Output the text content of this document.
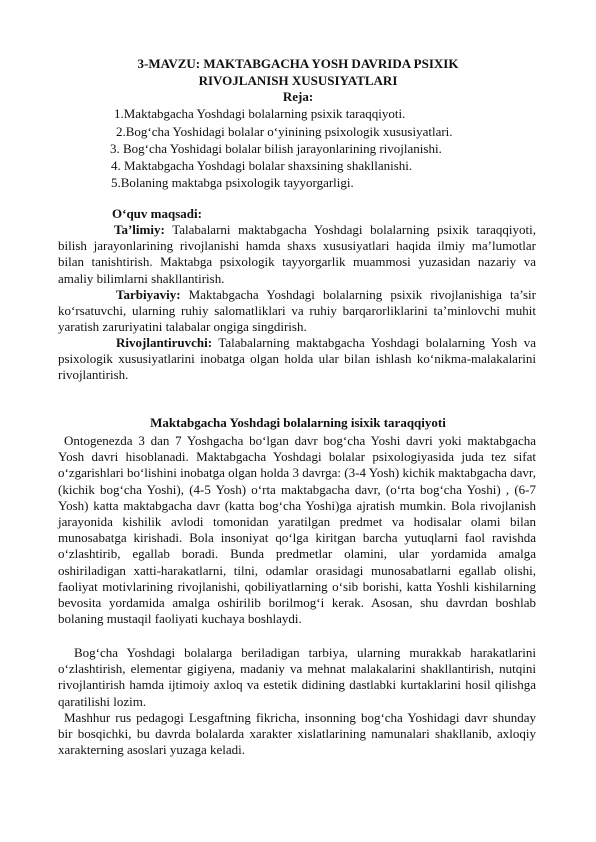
3-MAVZU: MAKTABGACHA YOSH DAVRIDA PSIXIK
RIVOJLANISH XUSUSIYATLARI
Reja:
1.Maktabgacha Yoshdagi bolalarning psixik taraqqiyoti.
2.Bog‘cha Yoshidagi bolalar o‘yinining psixologik xususiyatlari.
3. Bog‘cha Yoshidagi bolalar bilish jarayonlarining rivojlanishi.
4. Maktabgacha Yoshdagi bolalar shaxsining shakllanishi.
5.Bolaning maktabga psixologik tayyorgarligi.
O‘quv maqsadi:
Ta’limiy: Talabalarni maktabgacha Yoshdagi bolalarning psixik taraqqiyoti, bilish jarayonlarining rivojlanishi hamda shaxs xususiyatlari haqida ilmiy ma’lumotlar bilan tanishtirish. Maktabga psixologik tayyorgarlik muammosi yuzasidan nazariy va amaliy bilimlarni shakllantirish.
Tarbiyaviy: Maktabgacha Yoshdagi bolalarning psixik rivojlanishiga ta’sir ko‘rsatuvchi, ularning ruhiy salomatliklari va ruhiy barqarorliklarini ta’minlovchi muhit yaratish zaruriyatini talabalar ongiga singdirish.
Rivojlantiruvchi: Talabalarning maktabgacha Yoshdagi bolalarning Yosh va psixologik xususiyatlarini inobatga olgan holda ular bilan ishlash ko‘nikma-malakalarini rivojlantirish.
Maktabgacha Yoshdagi bolalarning isixik taraqqiyoti
Ontogenezda 3 dan 7 Yoshgacha bo‘lgan davr bog‘cha Yoshi davri yoki maktabgacha Yosh davri hisoblanadi. Maktabgacha Yoshdagi bolalar psixologiyasida juda tez sifat o‘zgarishlari bo‘lishini inobatga olgan holda 3 davrga: (3-4 Yosh) kichik maktabgacha davr, (kichik bog‘cha Yoshi), (4-5 Yosh) o‘rta maktabgacha davr, (o‘rta bog‘cha Yoshi) , (6-7 Yosh) katta maktabgacha davr (katta bog‘cha Yoshi)ga ajratish mumkin. Bola rivojlanish jarayonida kishilik avlodi tomonidan yaratilgan predmet va hodisalar olami bilan munosabatga kirishadi. Bola insoniyat qo‘lga kiritgan barcha yutuqlarni faol ravishda o‘zlashtirib, egallab boradi. Bunda predmetlar olamini, ular yordamida amalga oshiriladigan xatti-harakatlarni, tilni, odamlar orasidagi munosabatlarni egallab olishi, faoliyat motivlarining rivojlanishi, qobiliyatlarning o‘sib borishi, katta Yoshli kishilarning bevosita yordamida amalga oshirilib borilmog‘i kerak. Asosan, shu davrdan boshlab bolaning mustaqil faoliyati kuchaya boshlaydi.
Bog‘cha Yoshdagi bolalarga beriladigan tarbiya, ularning murakkab harakatlarini o‘zlashtirish, elementar gigiyena, madaniy va mehnat malakalarini shakllantirish, nutqini rivojlantirish hamda ijtimoiy axloq va estetik didining dastlabki kurtaklarini hosil qilishga qaratilishi lozim.
Mashhur rus pedagogi Lesgaftning fikricha, insonning bog‘cha Yoshidagi davr shunday bir bosqichki, bu davrda bolalarda xarakter xislatlarining namunalari shakllanib, axloqiy xarakterning asoslari yuzaga keladi.
